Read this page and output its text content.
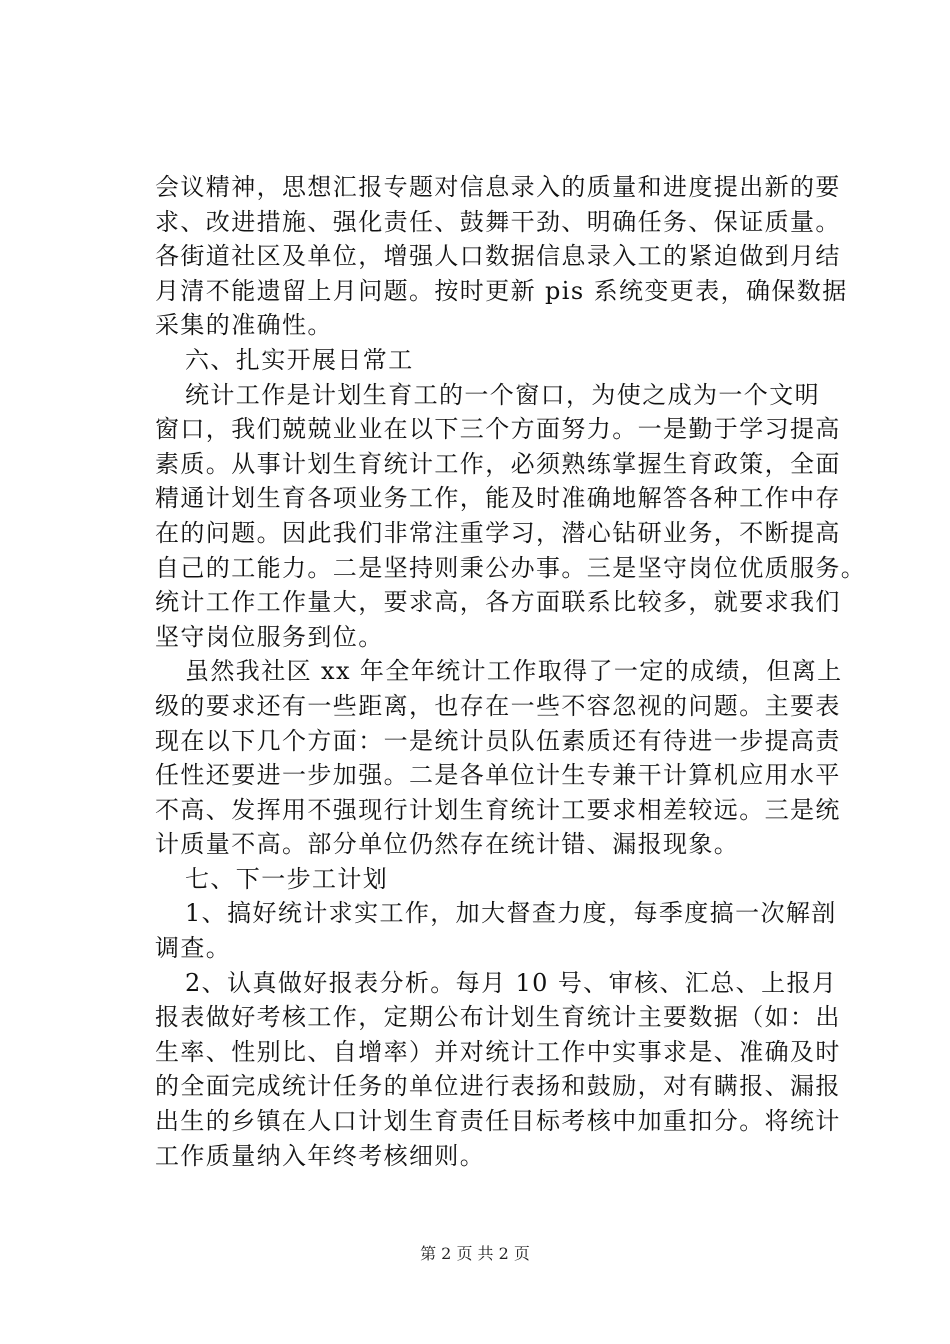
会议精神，思想汇报专题对信息录入的质量和进度提出新的要

求、改进措施、强化责任、鼓舞干劲、明确任务、保证质量。

各街道社区及单位，增强人口数据信息录入工的紧迫做到月结

月清不能遗留上月问题。按时更新 pis 系统变更表，确保数据

采集的准确性。

六、扎实开展日常工

统计工作是计划生育工的一个窗口，为使之成为一个文明

窗口，我们兢兢业业在以下三个方面努力。一是勤于学习提高

素质。从事计划生育统计工作，必须熟练掌握生育政策，全面

精通计划生育各项业务工作，能及时准确地解答各种工作中存

在的问题。因此我们非常注重学习，潜心钻研业务，不断提高

自己的工能力。二是坚持则秉公办事。三是坚守岗位优质服务。

统计工作工作量大，要求高，各方面联系比较多，就要求我们

坚守岗位服务到位。

虽然我社区 xx 年全年统计工作取得了一定的成绩，但离上

级的要求还有一些距离，也存在一些不容忽视的问题。主要表

现在以下几个方面：一是统计员队伍素质还有待进一步提高责

任性还要进一步加强。二是各单位计生专兼干计算机应用水平

不高、发挥用不强现行计划生育统计工要求相差较远。三是统

计质量不高。部分单位仍然存在统计错、漏报现象。

七、下一步工计划

1、搞好统计求实工作，加大督查力度，每季度搞一次解剖

调查。

2、认真做好报表分析。每月 10 号、审核、汇总、上报月

报表做好考核工作，定期公布计划生育统计主要数据（如：出

生率、性别比、自增率）并对统计工作中实事求是、准确及时

的全面完成统计任务的单位进行表扬和鼓励，对有瞒报、漏报

出生的乡镇在人口计划生育责任目标考核中加重扣分。将统计

工作质量纳入年终考核细则。

第 2 页 共 2 页
